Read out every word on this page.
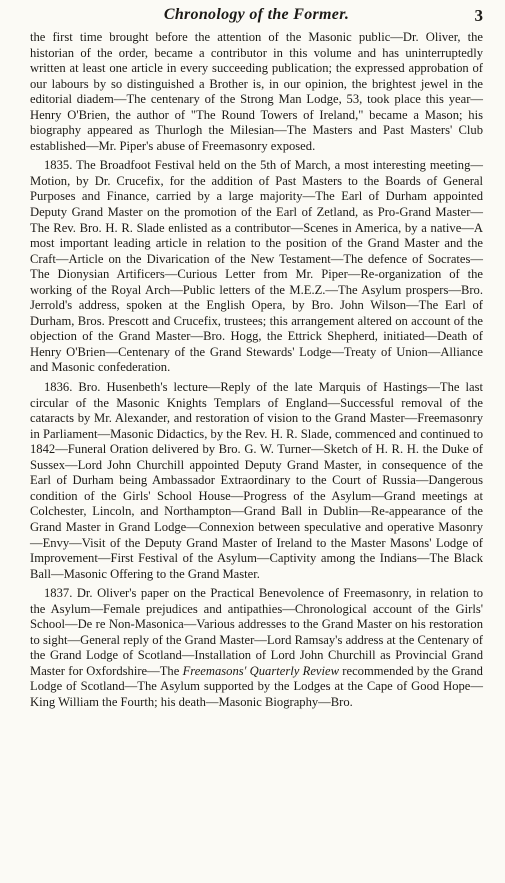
Chronology of the Former.	3

the first time brought before the attention of the Masonic public—Dr. Oliver, the historian of the order, became a contributor in this volume and has uninterruptedly written at least one article in every succeeding publication; the expressed approbation of our labours by so distinguished a Brother is, in our opinion, the brightest jewel in the editorial diadem—The centenary of the Strong Man Lodge, 53, took place this year—Henry O'Brien, the author of "The Round Towers of Ireland," became a Mason; his biography appeared as Thurlogh the Milesian—The Masters and Past Masters' Club established—Mr. Piper's abuse of Freemasonry exposed.

1835. The Broadfoot Festival held on the 5th of March, a most interesting meeting—Motion, by Dr. Crucefix, for the addition of Past Masters to the Boards of General Purposes and Finance, carried by a large majority—The Earl of Durham appointed Deputy Grand Master on the promotion of the Earl of Zetland, as Pro-Grand Master—The Rev. Bro. H. R. Slade enlisted as a contributor—Scenes in America, by a native—A most important leading article in relation to the position of the Grand Master and the Craft—Article on the Divarication of the New Testament—The defence of Socrates—The Dionysian Artificers—Curious Letter from Mr. Piper—Re-organization of the working of the Royal Arch—Public letters of the M.E.Z.—The Asylum prospers—Bro. Jerrold's address, spoken at the English Opera, by Bro. John Wilson—The Earl of Durham, Bros. Prescott and Crucefix, trustees; this arrangement altered on account of the objection of the Grand Master—Bro. Hogg, the Ettrick Shepherd, initiated—Death of Henry O'Brien—Centenary of the Grand Stewards' Lodge—Treaty of Union—Alliance and Masonic confederation.

1836. Bro. Husenbeth's lecture—Reply of the late Marquis of Hastings—The last circular of the Masonic Knights Templars of England—Successful removal of the cataracts by Mr. Alexander, and restoration of vision to the Grand Master—Freemasonry in Parliament—Masonic Didactics, by the Rev. H. R. Slade, commenced and continued to 1842—Funeral Oration delivered by Bro. G. W. Turner—Sketch of H. R. H. the Duke of Sussex—Lord John Churchill appointed Deputy Grand Master, in consequence of the Earl of Durham being Ambassador Extraordinary to the Court of Russia—Dangerous condition of the Girls' School House—Progress of the Asylum—Grand meetings at Colchester, Lincoln, and Northampton—Grand Ball in Dublin—Re-appearance of the Grand Master in Grand Lodge—Connexion between speculative and operative Masonry—Envy—Visit of the Deputy Grand Master of Ireland to the Master Masons' Lodge of Improvement—First Festival of the Asylum—Captivity among the Indians—The Black Ball—Masonic Offering to the Grand Master.

1837. Dr. Oliver's paper on the Practical Benevolence of Freemasonry, in relation to the Asylum—Female prejudices and antipathies—Chronological account of the Girls' School—De re Non-Masonica—Various addresses to the Grand Master on his restoration to sight—General reply of the Grand Master—Lord Ramsay's address at the Centenary of the Grand Lodge of Scotland—Installation of Lord John Churchill as Provincial Grand Master for Oxfordshire—The Freemasons' Quarterly Review recommended by the Grand Lodge of Scotland—The Asylum supported by the Lodges at the Cape of Good Hope—King William the Fourth; his death—Masonic Biography—Bro.
